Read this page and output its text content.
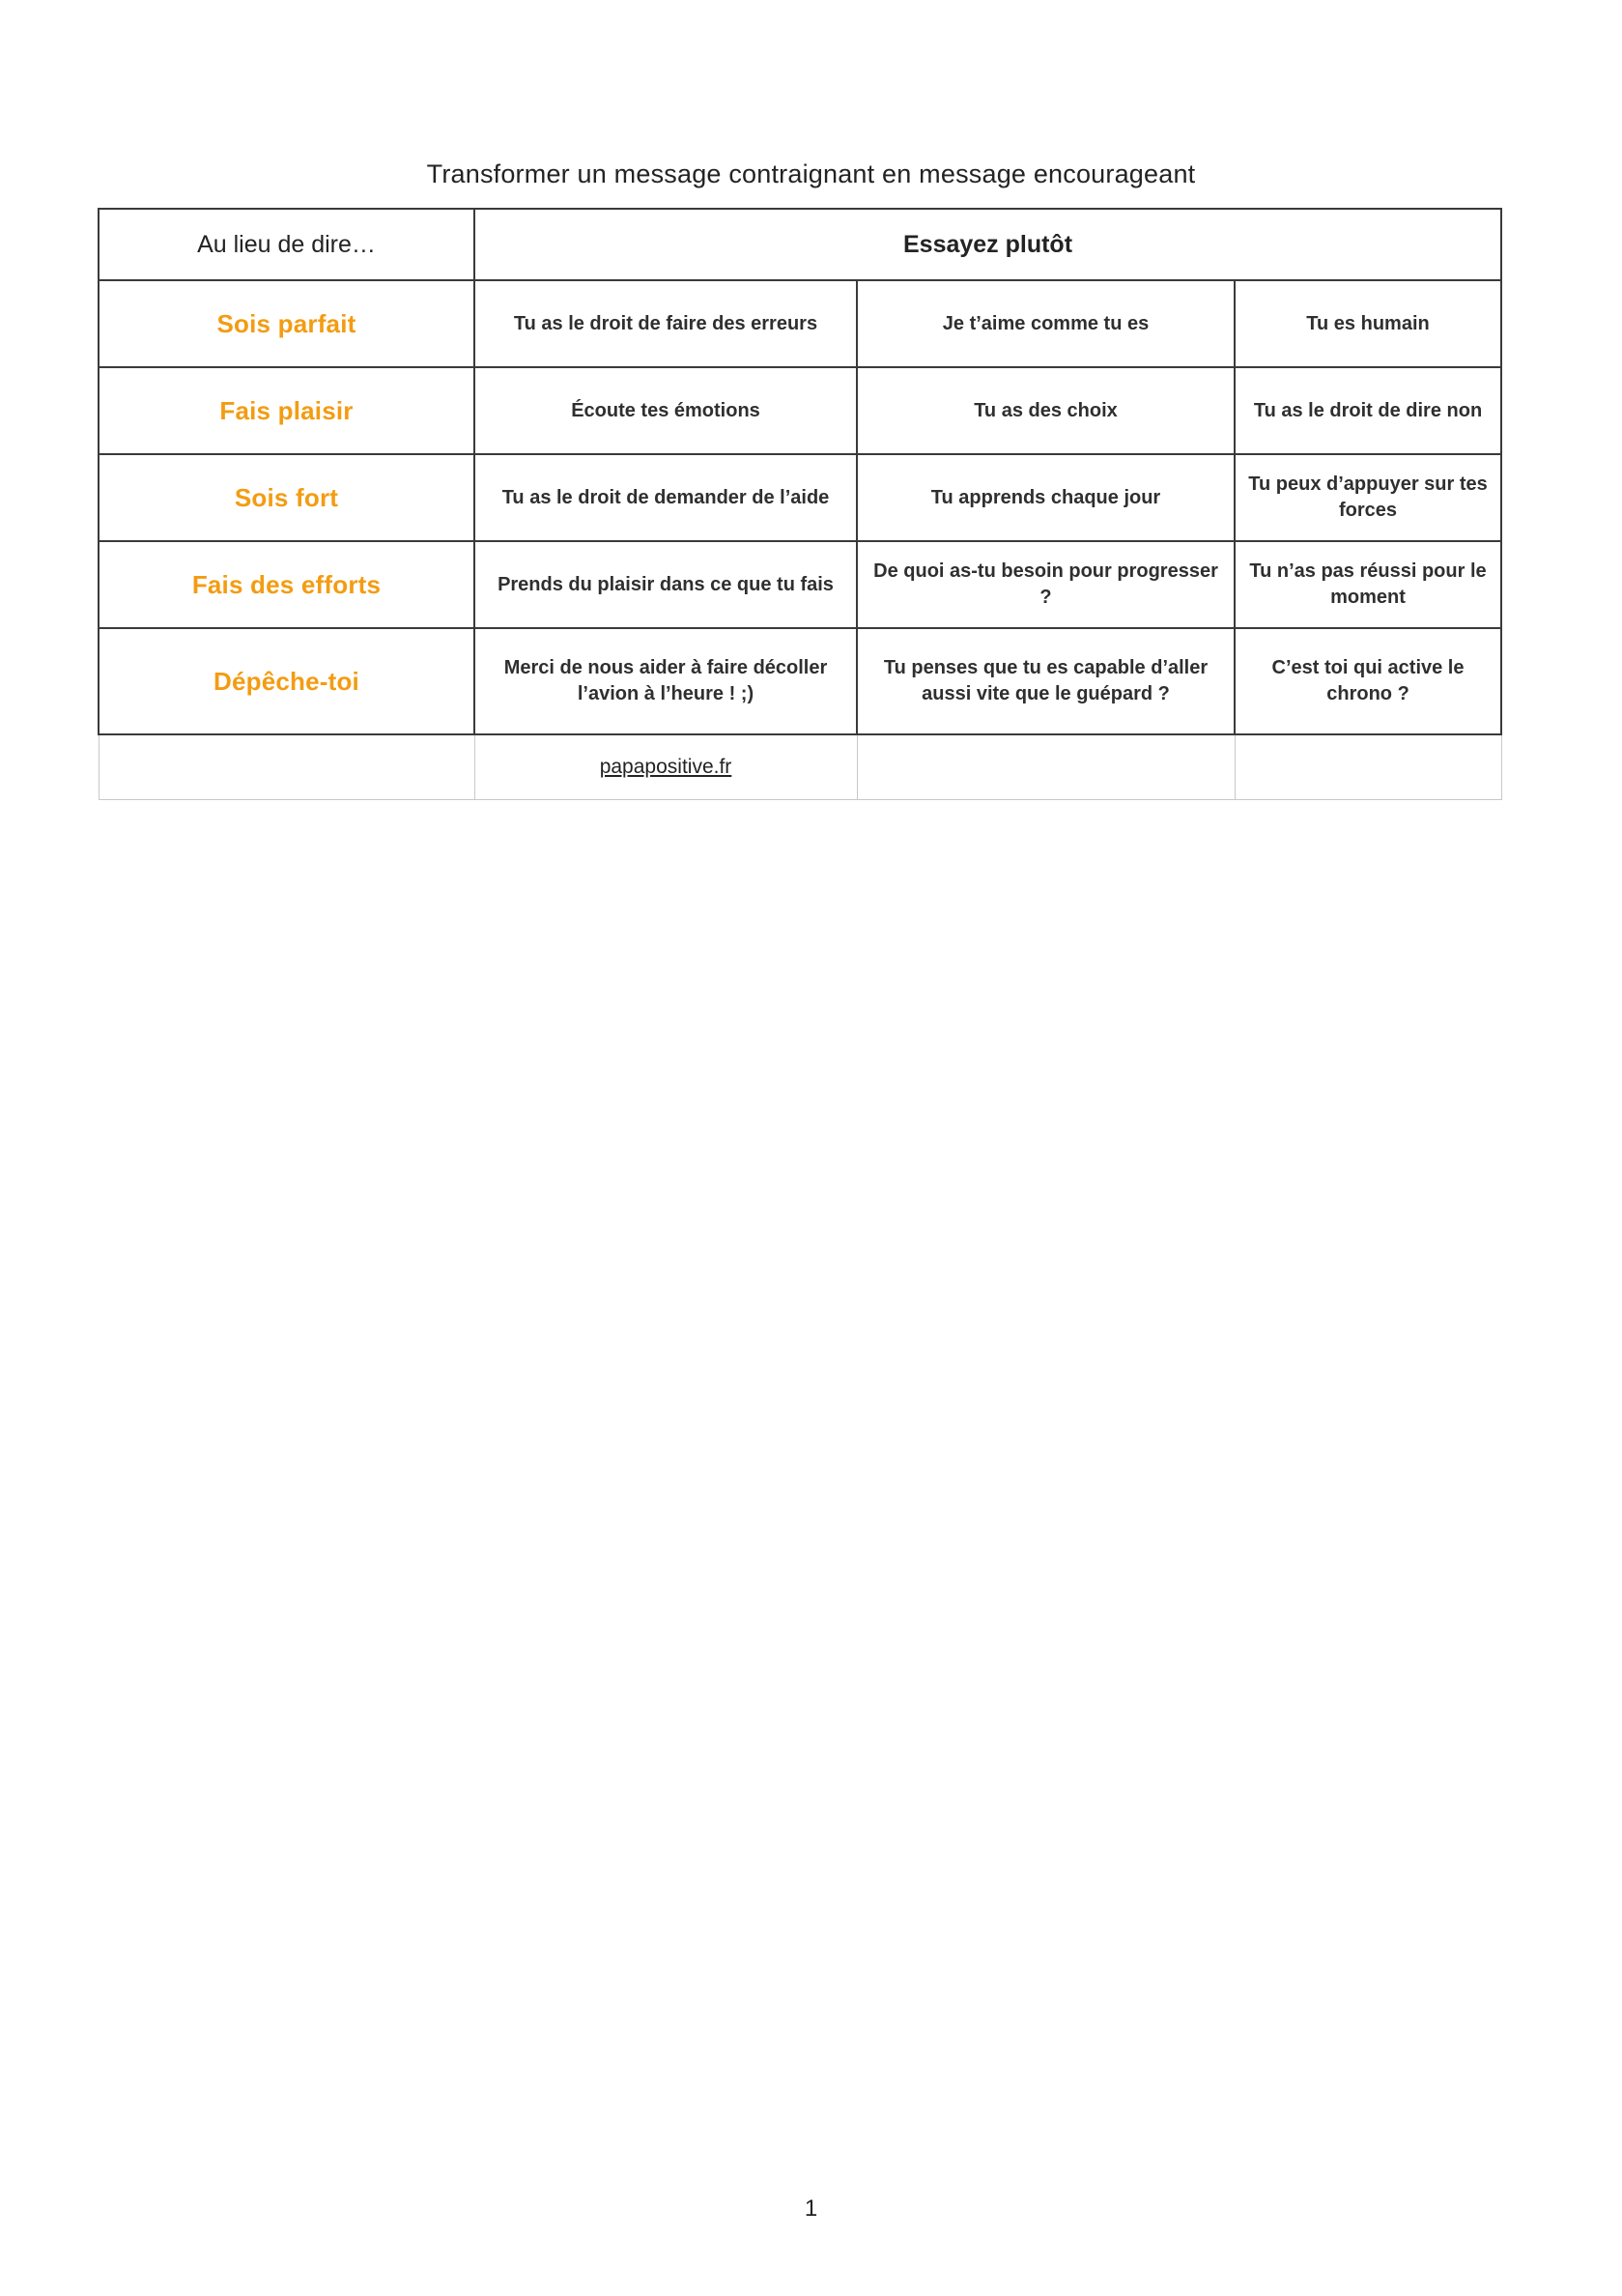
Transformer un message contraignant en message encourageant
Au lieu de dire…	Essayez plutôt		
Sois parfait	Tu as le droit de faire des erreurs	Je t’aime comme tu es	Tu es humain
Fais plaisir	Écoute tes émotions	Tu as des choix	Tu as le droit de dire non
Sois fort	Tu as le droit de demander de l’aide	Tu apprends chaque jour	Tu peux d’appuyer sur tes forces
Fais des efforts	Prends du plaisir dans ce que tu fais	De quoi as-tu besoin pour progresser ?	Tu n’as pas réussi pour le moment
Dépêche-toi	Merci de nous aider à faire décoller l’avion à l’heure ! ;)	Tu penses que tu es capable d’aller aussi vite que le guépard ?	C’est toi qui active le chrono ?
	papapositive.fr		
1
